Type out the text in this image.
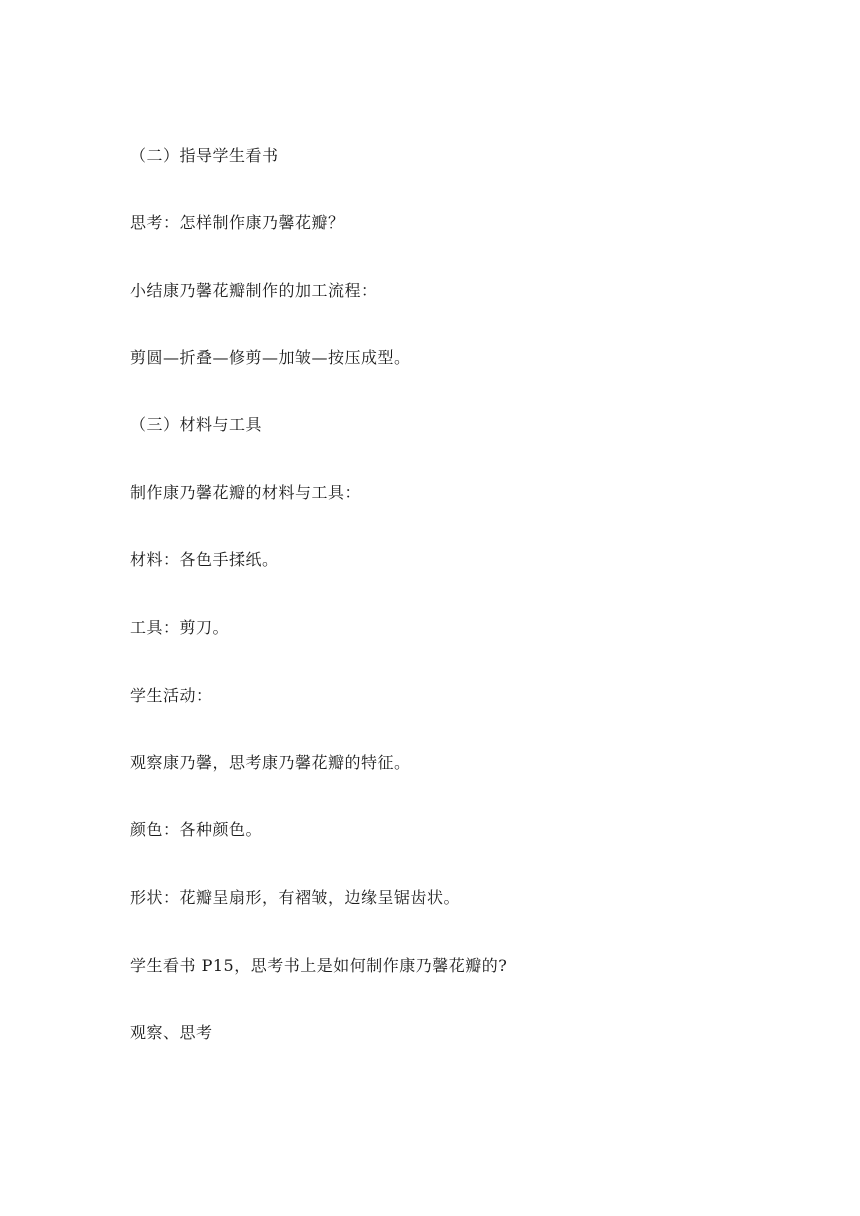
（二）指导学生看书
思考：怎样制作康乃馨花瓣？
小结康乃馨花瓣制作的加工流程：
剪圆—折叠—修剪—加皱—按压成型。
（三）材料与工具
制作康乃馨花瓣的材料与工具：
材料：各色手揉纸。
工具：剪刀。
学生活动：
观察康乃馨，思考康乃馨花瓣的特征。
颜色：各种颜色。
形状：花瓣呈扇形，有褶皱，边缘呈锯齿状。
学生看书 P15，思考书上是如何制作康乃馨花瓣的?
观察、思考
